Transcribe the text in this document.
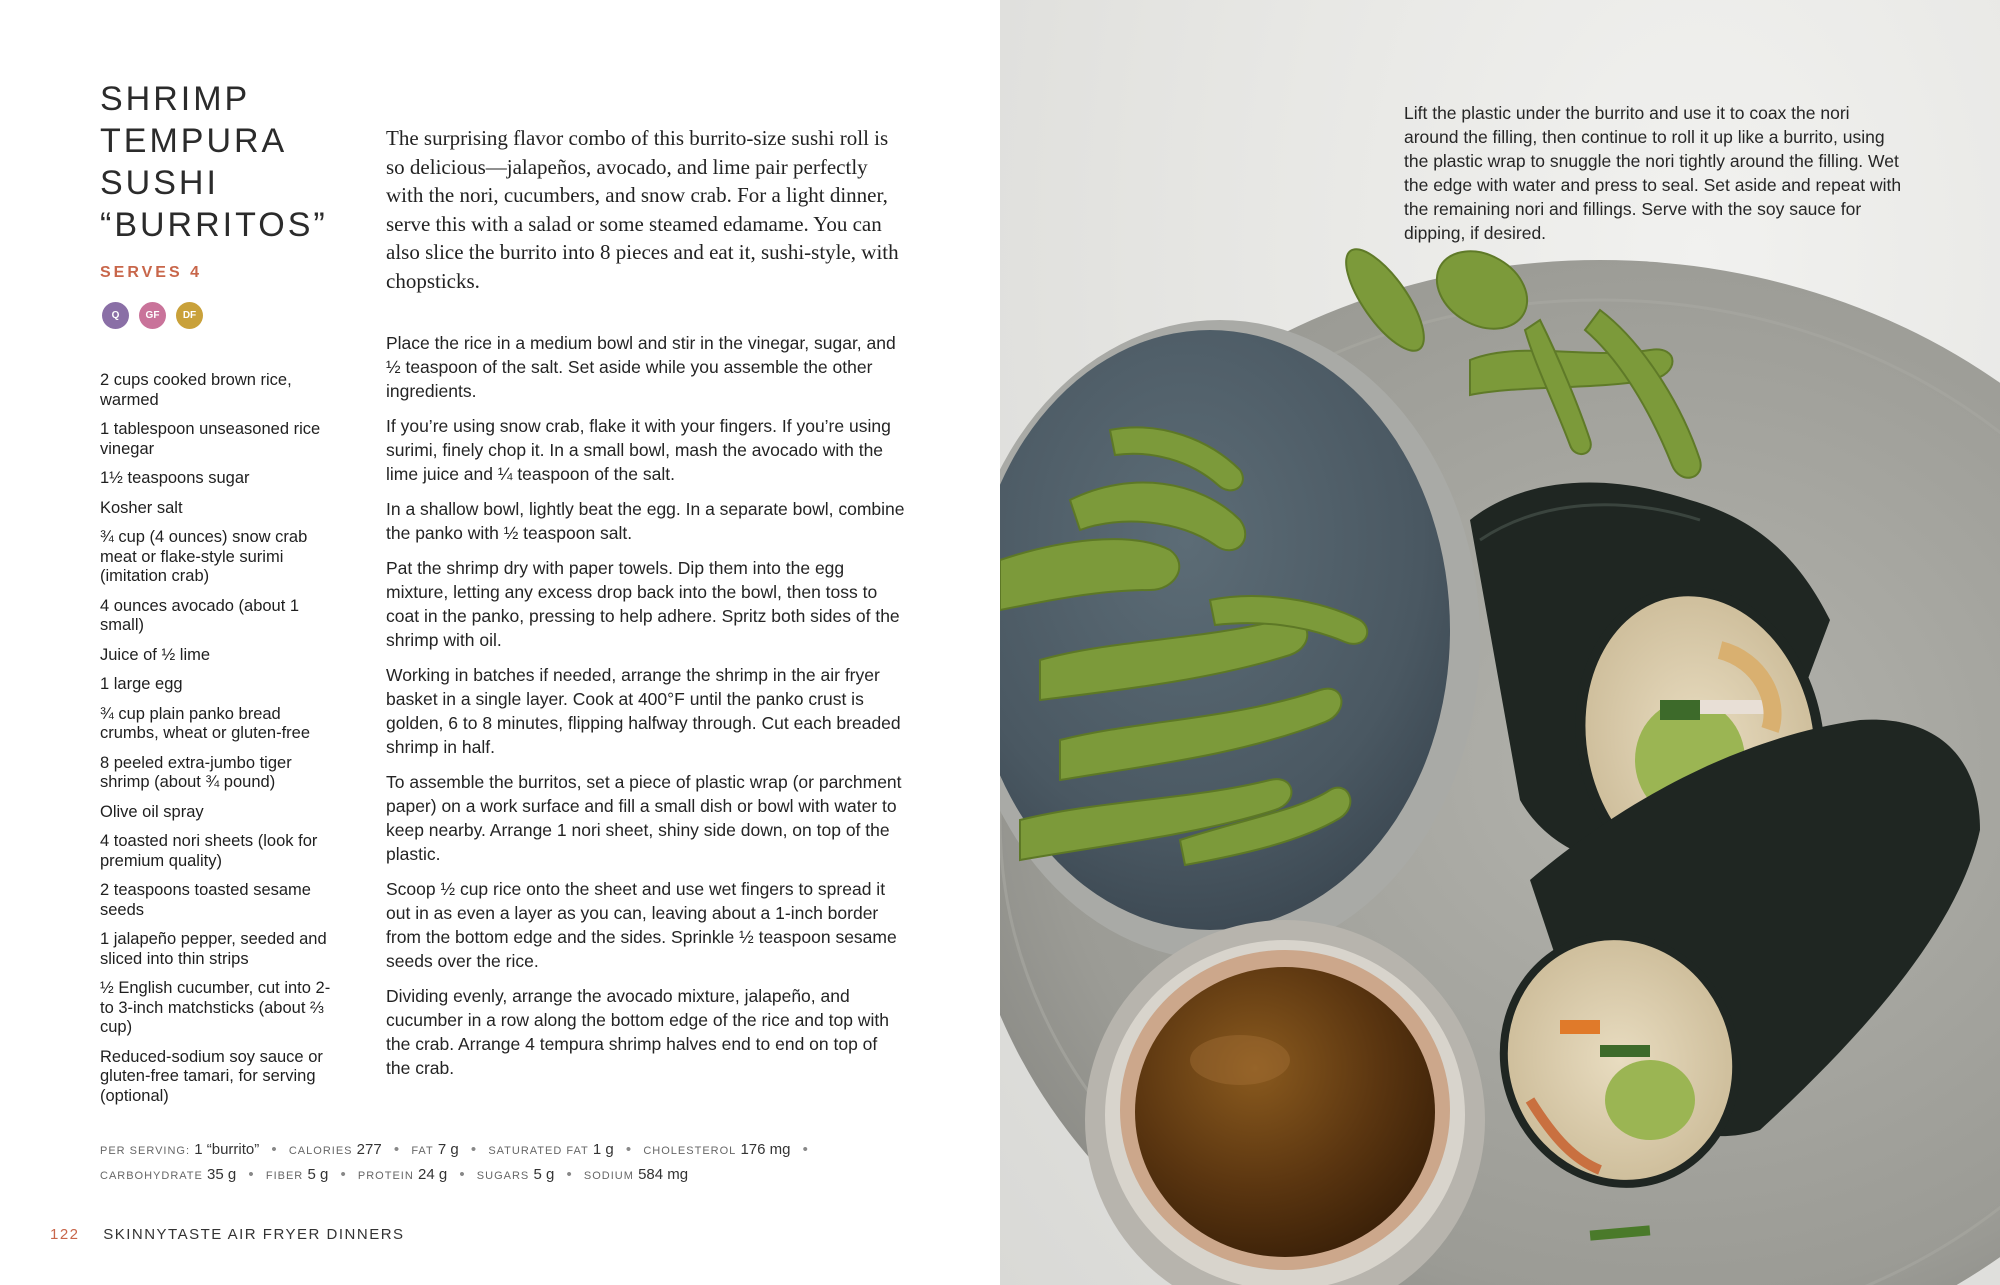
SHRIMP
TEMPURA
SUSHI
“BURRITOS”
SERVES 4
Q	GF	DF
2 cups cooked brown rice, warmed
1 tablespoon unseasoned rice vinegar
1½ teaspoons sugar
Kosher salt
¾ cup (4 ounces) snow crab meat or flake-style surimi (imitation crab)
4 ounces avocado (about 1 small)
Juice of ½ lime
1 large egg
¾ cup plain panko bread crumbs, wheat or gluten-free
8 peeled extra-jumbo tiger shrimp (about ¾ pound)
Olive oil spray
4 toasted nori sheets (look for premium quality)
2 teaspoons toasted sesame seeds
1 jalapeño pepper, seeded and sliced into thin strips
½ English cucumber, cut into 2- to 3-inch matchsticks (about ⅔ cup)
Reduced-sodium soy sauce or gluten-free tamari, for serving (optional)

The surprising flavor combo of this burrito-size sushi roll is so delicious—jalapeños, avocado, and lime pair perfectly with the nori, cucumbers, and snow crab. For a light dinner, serve this with a salad or some steamed edamame. You can also slice the burrito into 8 pieces and eat it, sushi-style, with chopsticks.

Place the rice in a medium bowl and stir in the vinegar, sugar, and ½ teaspoon of the salt. Set aside while you assemble the other ingredients.

If you’re using snow crab, flake it with your fingers. If you’re using surimi, finely chop it. In a small bowl, mash the avocado with the lime juice and ¼ teaspoon of the salt.

In a shallow bowl, lightly beat the egg. In a separate bowl, combine the panko with ½ teaspoon salt.

Pat the shrimp dry with paper towels. Dip them into the egg mixture, letting any excess drop back into the bowl, then toss to coat in the panko, pressing to help adhere. Spritz both sides of the shrimp with oil.

Working in batches if needed, arrange the shrimp in the air fryer basket in a single layer. Cook at 400°F until the panko crust is golden, 6 to 8 minutes, flipping halfway through. Cut each breaded shrimp in half.

To assemble the burritos, set a piece of plastic wrap (or parchment paper) on a work surface and fill a small dish or bowl with water to keep nearby. Arrange 1 nori sheet, shiny side down, on top of the plastic.

Scoop ½ cup rice onto the sheet and use wet fingers to spread it out in as even a layer as you can, leaving about a 1-inch border from the bottom edge and the sides. Sprinkle ½ teaspoon sesame seeds over the rice.

Dividing evenly, arrange the avocado mixture, jalapeño, and cucumber in a row along the bottom edge of the rice and top with the crab. Arrange 4 tempura shrimp halves end to end on top of the crab.

PER SERVING: 1 “burrito” • CALORIES 277 • FAT 7 g • SATURATED FAT 1 g • CHOLESTEROL 176 mg •
CARBOHYDRATE 35 g • FIBER 5 g • PROTEIN 24 g • SUGARS 5 g • SODIUM 584 mg
122 SKINNYTASTE AIR FRYER DINNERS

Lift the plastic under the burrito and use it to coax the nori around the filling, then continue to roll it up like a burrito, using the plastic wrap to snuggle the nori tightly around the filling. Wet the edge with water and press to seal. Set aside and repeat with the remaining nori and fillings. Serve with the soy sauce for dipping, if desired.
